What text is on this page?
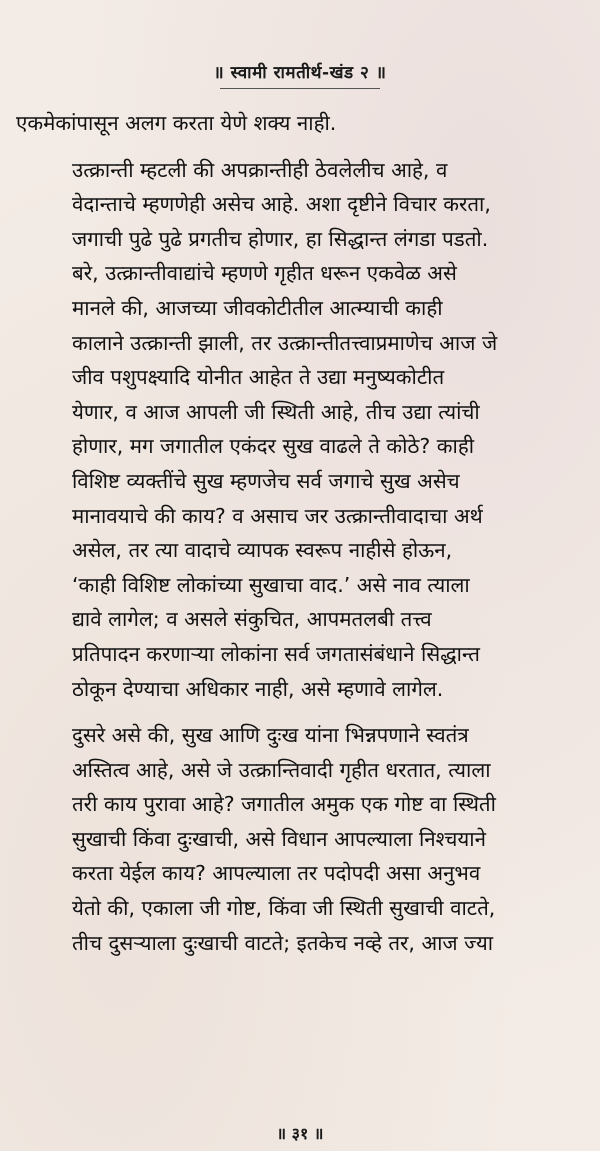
॥ स्वामी रामतीर्थ-खंड २ ॥
एकमेकांपासून अलग करता येणे शक्य नाही.
उत्क्रान्ती म्हटली की अपक्रान्तीही ठेवलेलीच आहे, व
वेदान्ताचे म्हणणेही असेच आहे. अशा दृष्टीने विचार करता,
जगाची पुढे पुढे प्रगतीच होणार, हा सिद्धान्त लंगडा पडतो.
बरे, उत्क्रान्तीवाद्यांचे म्हणणे गृहीत धरून एकवेळ असे
मानले की, आजच्या जीवकोटीतील आत्म्याची काही
कालाने उत्क्रान्ती झाली, तर उत्क्रान्तीतत्त्वाप्रमाणेच आज जे
जीव पशुपक्ष्यादि योनीत आहेत ते उद्या मनुष्यकोटीत
येणार, व आज आपली जी स्थिती आहे, तीच उद्या त्यांची
होणार, मग जगातील एकंदर सुख वाढले ते कोठे? काही
विशिष्ट व्यक्तींचे सुख म्हणजेच सर्व जगाचे सुख असेच
मानावयाचे की काय? व असाच जर उत्क्रान्तीवादाचा अर्थ
असेल, तर त्या वादाचे व्यापक स्वरूप नाहीसे होऊन,
‘काही विशिष्ट लोकांच्या सुखाचा वाद.’ असे नाव त्याला
द्यावे लागेल; व असले संकुचित, आपमतलबी तत्त्व
प्रतिपादन करणाऱ्या लोकांना सर्व जगतासंबंधाने सिद्धान्त
ठोकून देण्याचा अधिकार नाही, असे म्हणावे लागेल.
दुसरे असे की, सुख आणि दुःख यांना भिन्नपणाने स्वतंत्र
अस्तित्व आहे, असे जे उत्क्रान्तिवादी गृहीत धरतात, त्याला
तरी काय पुरावा आहे? जगातील अमुक एक गोष्ट वा स्थिती
सुखाची किंवा दुःखाची, असे विधान आपल्याला निश्चयाने
करता येईल काय? आपल्याला तर पदोपदी असा अनुभव
येतो की, एकाला जी गोष्ट, किंवा जी स्थिती सुखाची वाटते,
तीच दुसऱ्याला दुःखाची वाटते; इतकेच नव्हे तर, आज ज्या
॥ ३१ ॥
